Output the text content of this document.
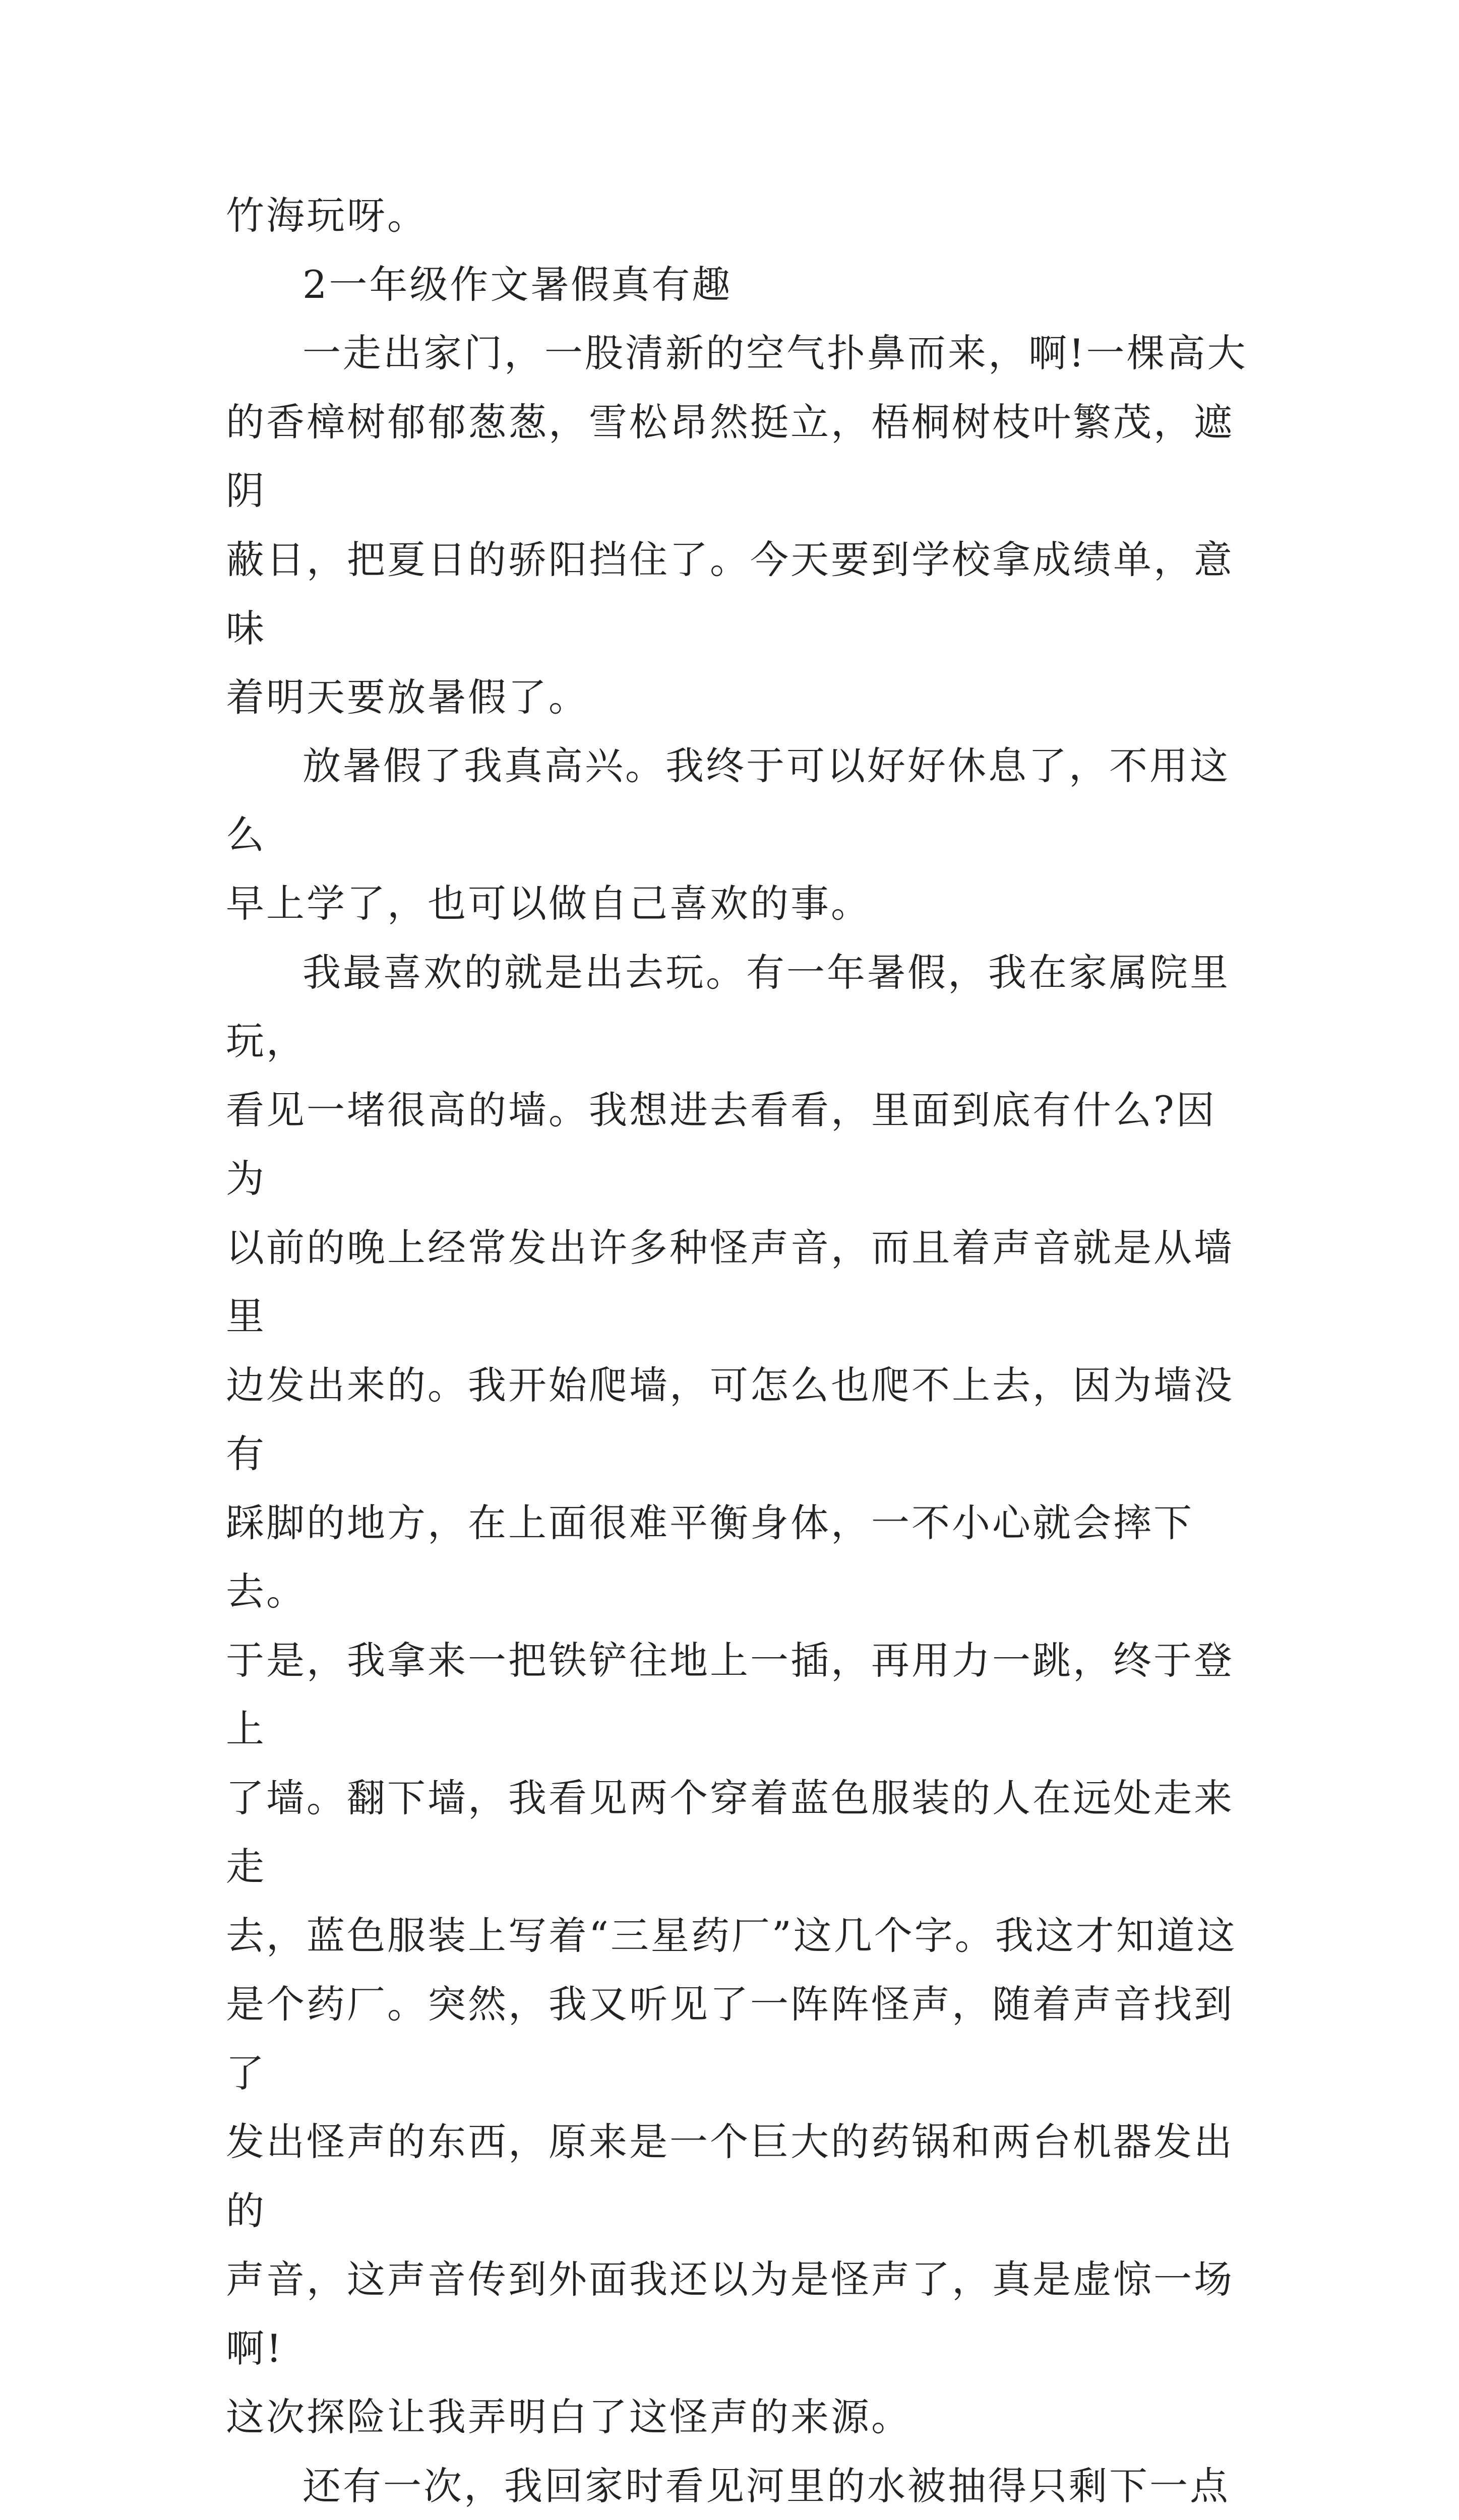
竹海玩呀。

2一年级作文暑假真有趣

一走出家门，一股清新的空气扑鼻而来，啊!一棵高大

的香樟树郁郁葱葱，雪松昂然挺立，梧桐树枝叶繁茂，遮阴

蔽日，把夏日的骄阳挡住了。今天要到学校拿成绩单，意味

着明天要放暑假了。

放暑假了我真高兴。我终于可以好好休息了，不用这么

早上学了，也可以做自己喜欢的事。

我最喜欢的就是出去玩。有一年暑假，我在家属院里玩，

看见一堵很高的墙。我想进去看看，里面到底有什么?因为

以前的晚上经常发出许多种怪声音，而且着声音就是从墙里

边发出来的。我开始爬墙，可怎么也爬不上去，因为墙没有

踩脚的地方，在上面很难平衡身体，一不小心就会摔下去。

于是，我拿来一把铁铲往地上一插，再用力一跳，终于登上

了墙。翻下墙，我看见两个穿着蓝色服装的人在远处走来走

去，蓝色服装上写着“三星药厂”这几个字。我这才知道这

是个药厂。突然，我又听见了一阵阵怪声，随着声音找到了

发出怪声的东西，原来是一个巨大的药锅和两台机器发出的

声音，这声音传到外面我还以为是怪声了，真是虚惊一场啊!

这次探险让我弄明白了这怪声的来源。

还有一次，我回家时看见河里的水被抽得只剩下一点
